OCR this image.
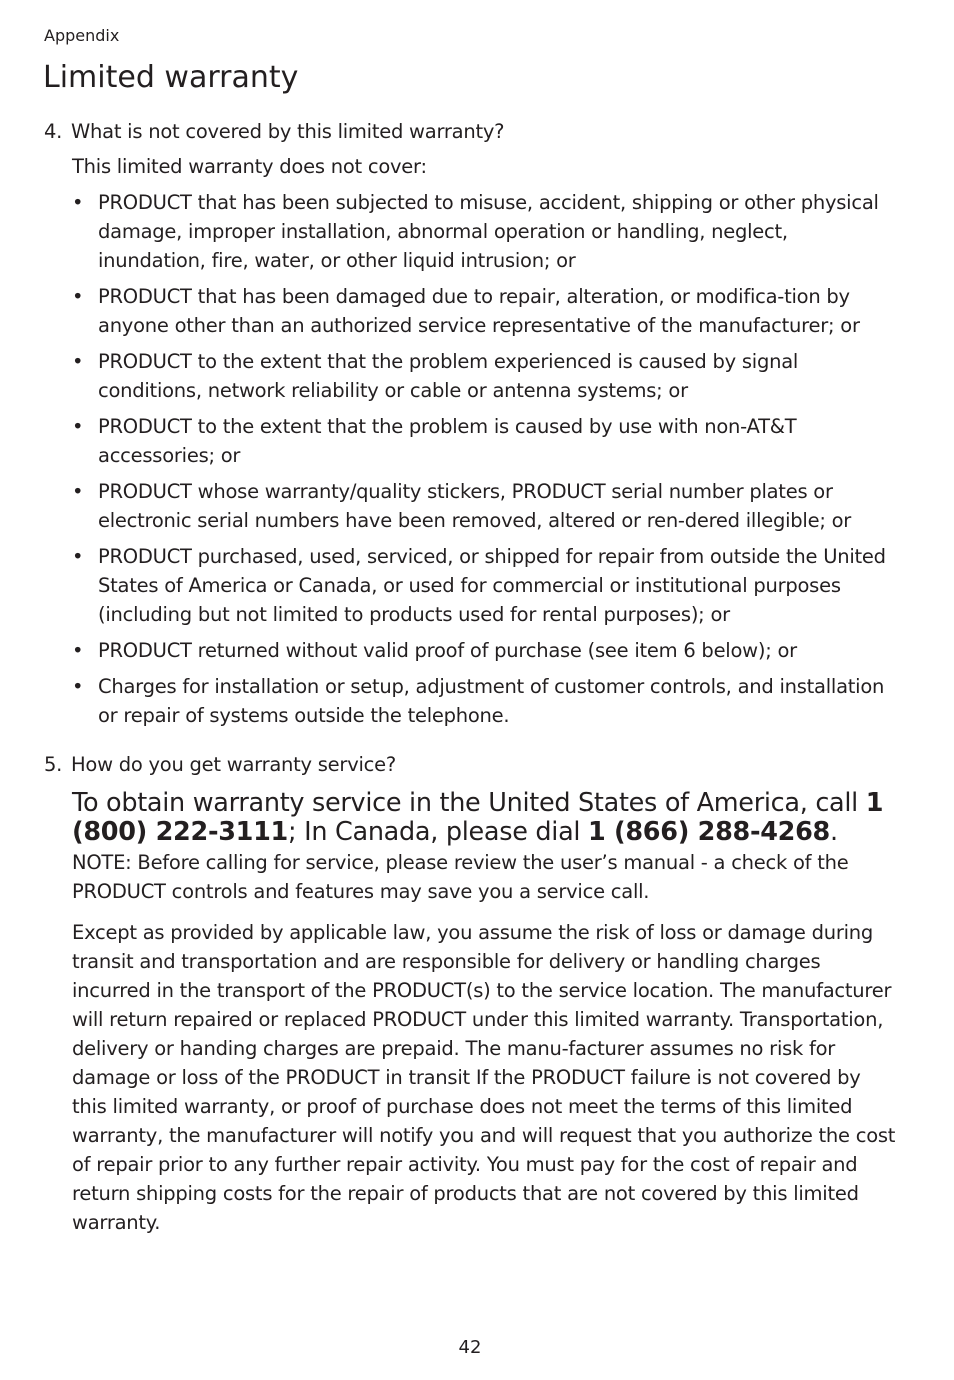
Appendix
Limited warranty

4. What is not covered by this limited warranty?

This limited warranty does not cover:

• PRODUCT that has been subjected to misuse, accident, shipping or other physical damage, improper installation, abnormal operation or handling, neglect, inundation, fire, water, or other liquid intrusion; or
• PRODUCT that has been damaged due to repair, alteration, or modifica-tion by anyone other than an authorized service representative of the manufacturer; or
• PRODUCT to the extent that the problem experienced is caused by signal conditions, network reliability or cable or antenna systems; or
• PRODUCT to the extent that the problem is caused by use with non-AT&T accessories; or
• PRODUCT whose warranty/quality stickers, PRODUCT serial number plates or electronic serial numbers have been removed, altered or ren-dered illegible; or
• PRODUCT purchased, used, serviced, or shipped for repair from outside the United States of America or Canada, or used for commercial or institutional purposes (including but not limited to products used for rental purposes); or
• PRODUCT returned without valid proof of purchase (see item 6 below); or
• Charges for installation or setup, adjustment of customer controls, and installation or repair of systems outside the telephone.

5. How do you get warranty service?

To obtain warranty service in the United States of America, call 1 (800) 222-3111; In Canada, please dial 1 (866) 288-4268.

NOTE: Before calling for service, please review the user’s manual - a check of the PRODUCT controls and features may save you a service call.

Except as provided by applicable law, you assume the risk of loss or damage during transit and transportation and are responsible for delivery or handling charges incurred in the transport of the PRODUCT(s) to the service location. The manufacturer will return repaired or replaced PRODUCT under this limited warranty. Transportation, delivery or handing charges are prepaid. The manu-facturer assumes no risk for damage or loss of the PRODUCT in transit If the PRODUCT failure is not covered by this limited warranty, or proof of purchase does not meet the terms of this limited warranty, the manufacturer will notify you and will request that you authorize the cost of repair prior to any further repair activity. You must pay for the cost of repair and return shipping costs for the repair of products that are not covered by this limited warranty.

42
